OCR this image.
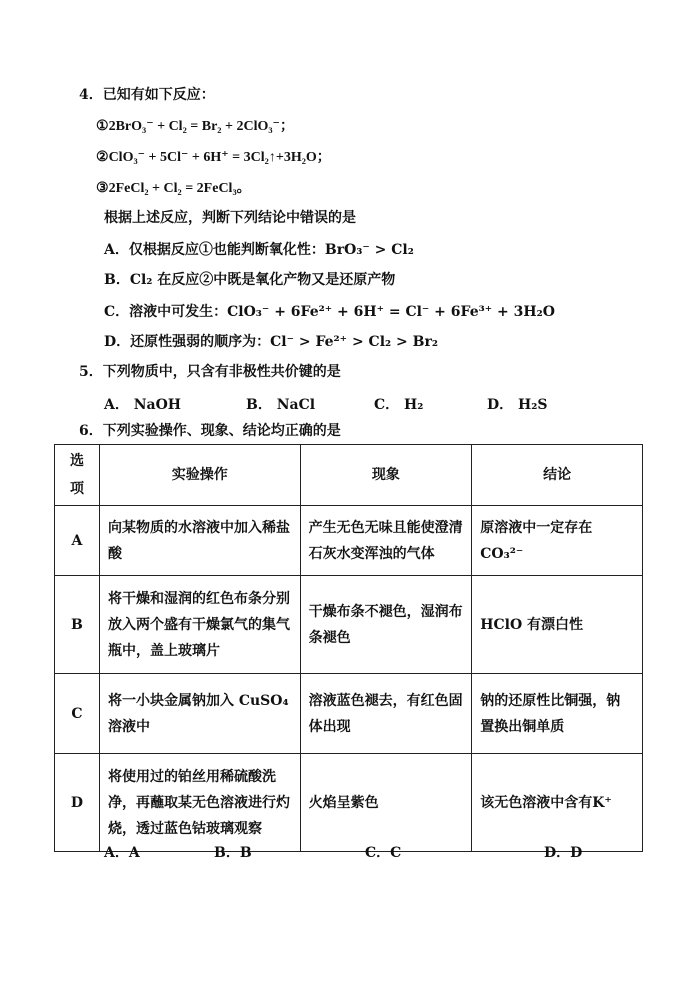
4．已知有如下反应：
①2BrO₃⁻ + Cl₂ = Br₂ + 2ClO₃⁻；
②ClO₃⁻ + 5Cl⁻ + 6H⁺ = 3Cl₂↑+3H₂O；
③2FeCl₂ + Cl₂ = 2FeCl₃。
根据上述反应，判断下列结论中错误的是
A．仅根据反应①也能判断氧化性：BrO₃⁻ > Cl₂
B．Cl₂ 在反应②中既是氧化产物又是还原产物
C．溶液中可发生：ClO₃⁻ + 6Fe²⁺ + 6H⁺ = Cl⁻ + 6Fe³⁺ + 3H₂O
D．还原性强弱的顺序为：Cl⁻ > Fe²⁺ > Cl₂ > Br₂
5．下列物质中，只含有非极性共价键的是
A． NaOH	B． NaCl	C． H₂	D． H₂S
6．下列实验操作、现象、结论均正确的是
选项	实验操作	现象	结论
A	向某物质的水溶液中加入稀盐酸	产生无色无味且能使澄清石灰水变浑浊的气体	原溶液中一定存在CO₃²⁻
B	将干燥和湿润的红色布条分别放入两个盛有干燥氯气的集气瓶中，盖上玻璃片	干燥布条不褪色，湿润布条褪色	HClO 有漂白性
C	将一小块金属钠加入 CuSO₄溶液中	溶液蓝色褪去，有红色固体出现	钠的还原性比铜强，钠置换出铜单质
D	将使用过的铂丝用稀硫酸洗净，再蘸取某无色溶液进行灼烧，透过蓝色钴玻璃观察	火焰呈紫色	该无色溶液中含有K⁺
A．A	B．B	C．C	D．D
